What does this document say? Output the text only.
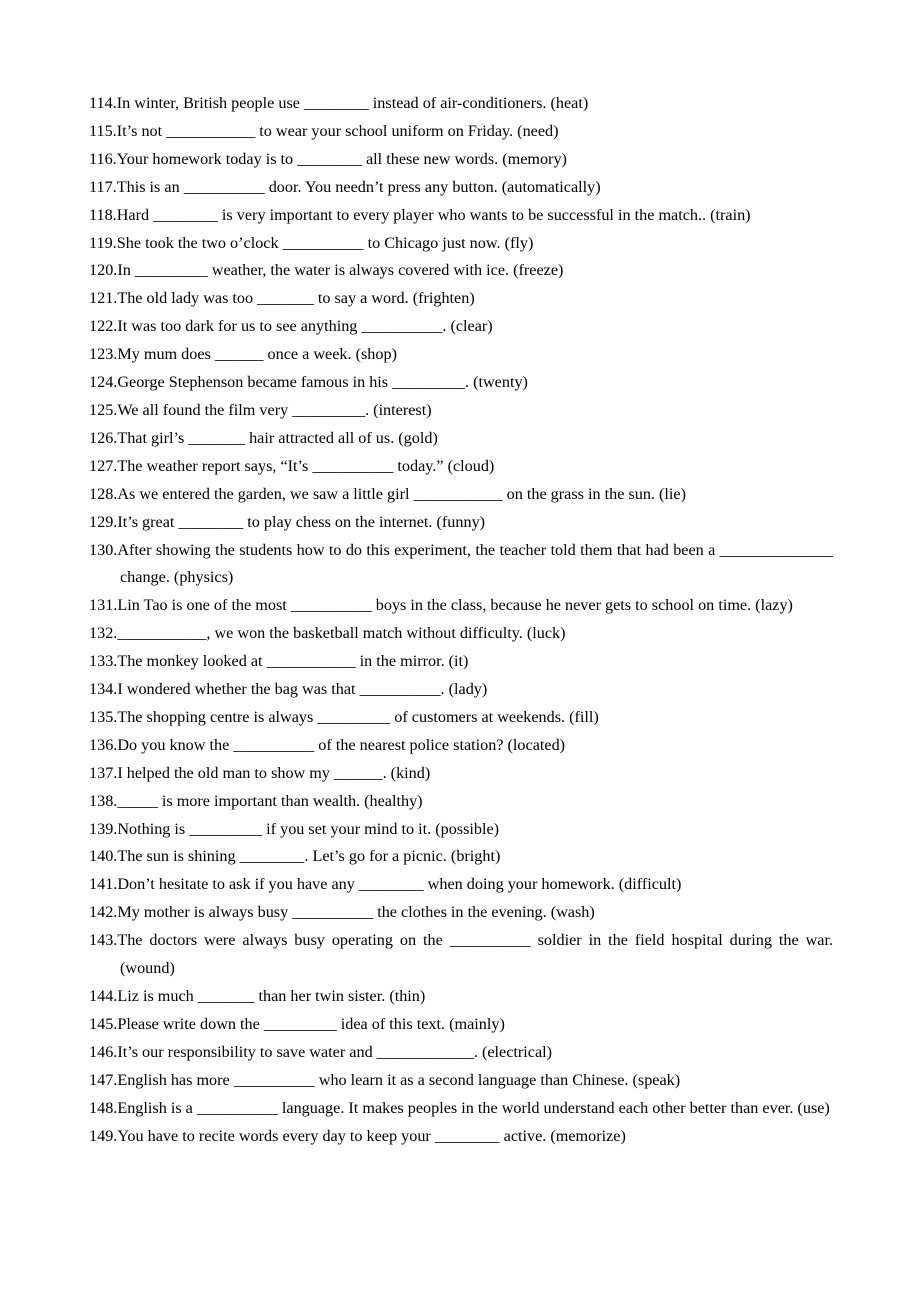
114.In winter, British people use ________ instead of air-conditioners. (heat)
115.It’s not ___________ to wear your school uniform on Friday. (need)
116.Your homework today is to ________ all these new words. (memory)
117.This is an __________ door. You needn’t press any button. (automatically)
118.Hard ________ is very important to every player who wants to be successful in the match.. (train)
119.She took the two o’clock __________ to Chicago just now. (fly)
120.In _________ weather, the water is always covered with ice. (freeze)
121.The old lady was too _______ to say a word. (frighten)
122.It was too dark for us to see anything __________. (clear)
123.My mum does ______ once a week. (shop)
124.George Stephenson became famous in his _________. (twenty)
125.We all found the film very _________. (interest)
126.That girl’s _______ hair attracted all of us. (gold)
127.The weather report says, “It’s __________ today.” (cloud)
128.As we entered the garden, we saw a little girl ___________ on the grass in the sun. (lie)
129.It’s great ________ to play chess on the internet. (funny)
130.After showing the students how to do this experiment, the teacher told them that had been a ______________ change. (physics)
131.Lin Tao is one of the most __________ boys in the class, because he never gets to school on time. (lazy)
132.___________, we won the basketball match without difficulty. (luck)
133.The monkey looked at ___________ in the mirror. (it)
134.I wondered whether the bag was that __________. (lady)
135.The shopping centre is always _________ of customers at weekends. (fill)
136.Do you know the __________ of the nearest police station? (located)
137.I helped the old man to show my ______. (kind)
138._____ is more important than wealth. (healthy)
139.Nothing is _________ if you set your mind to it. (possible)
140.The sun is shining ________. Let’s go for a picnic. (bright)
141.Don’t hesitate to ask if you have any ________ when doing your homework. (difficult)
142.My mother is always busy __________ the clothes in the evening. (wash)
143.The doctors were always busy operating on the __________ soldier in the field hospital during the war. (wound)
144.Liz is much _______ than her twin sister. (thin)
145.Please write down the _________ idea of this text. (mainly)
146.It’s our responsibility to save water and ____________. (electrical)
147.English has more __________ who learn it as a second language than Chinese. (speak)
148.English is a __________ language. It makes peoples in the world understand each other better than ever. (use)
149.You have to recite words every day to keep your ________ active. (memorize)
